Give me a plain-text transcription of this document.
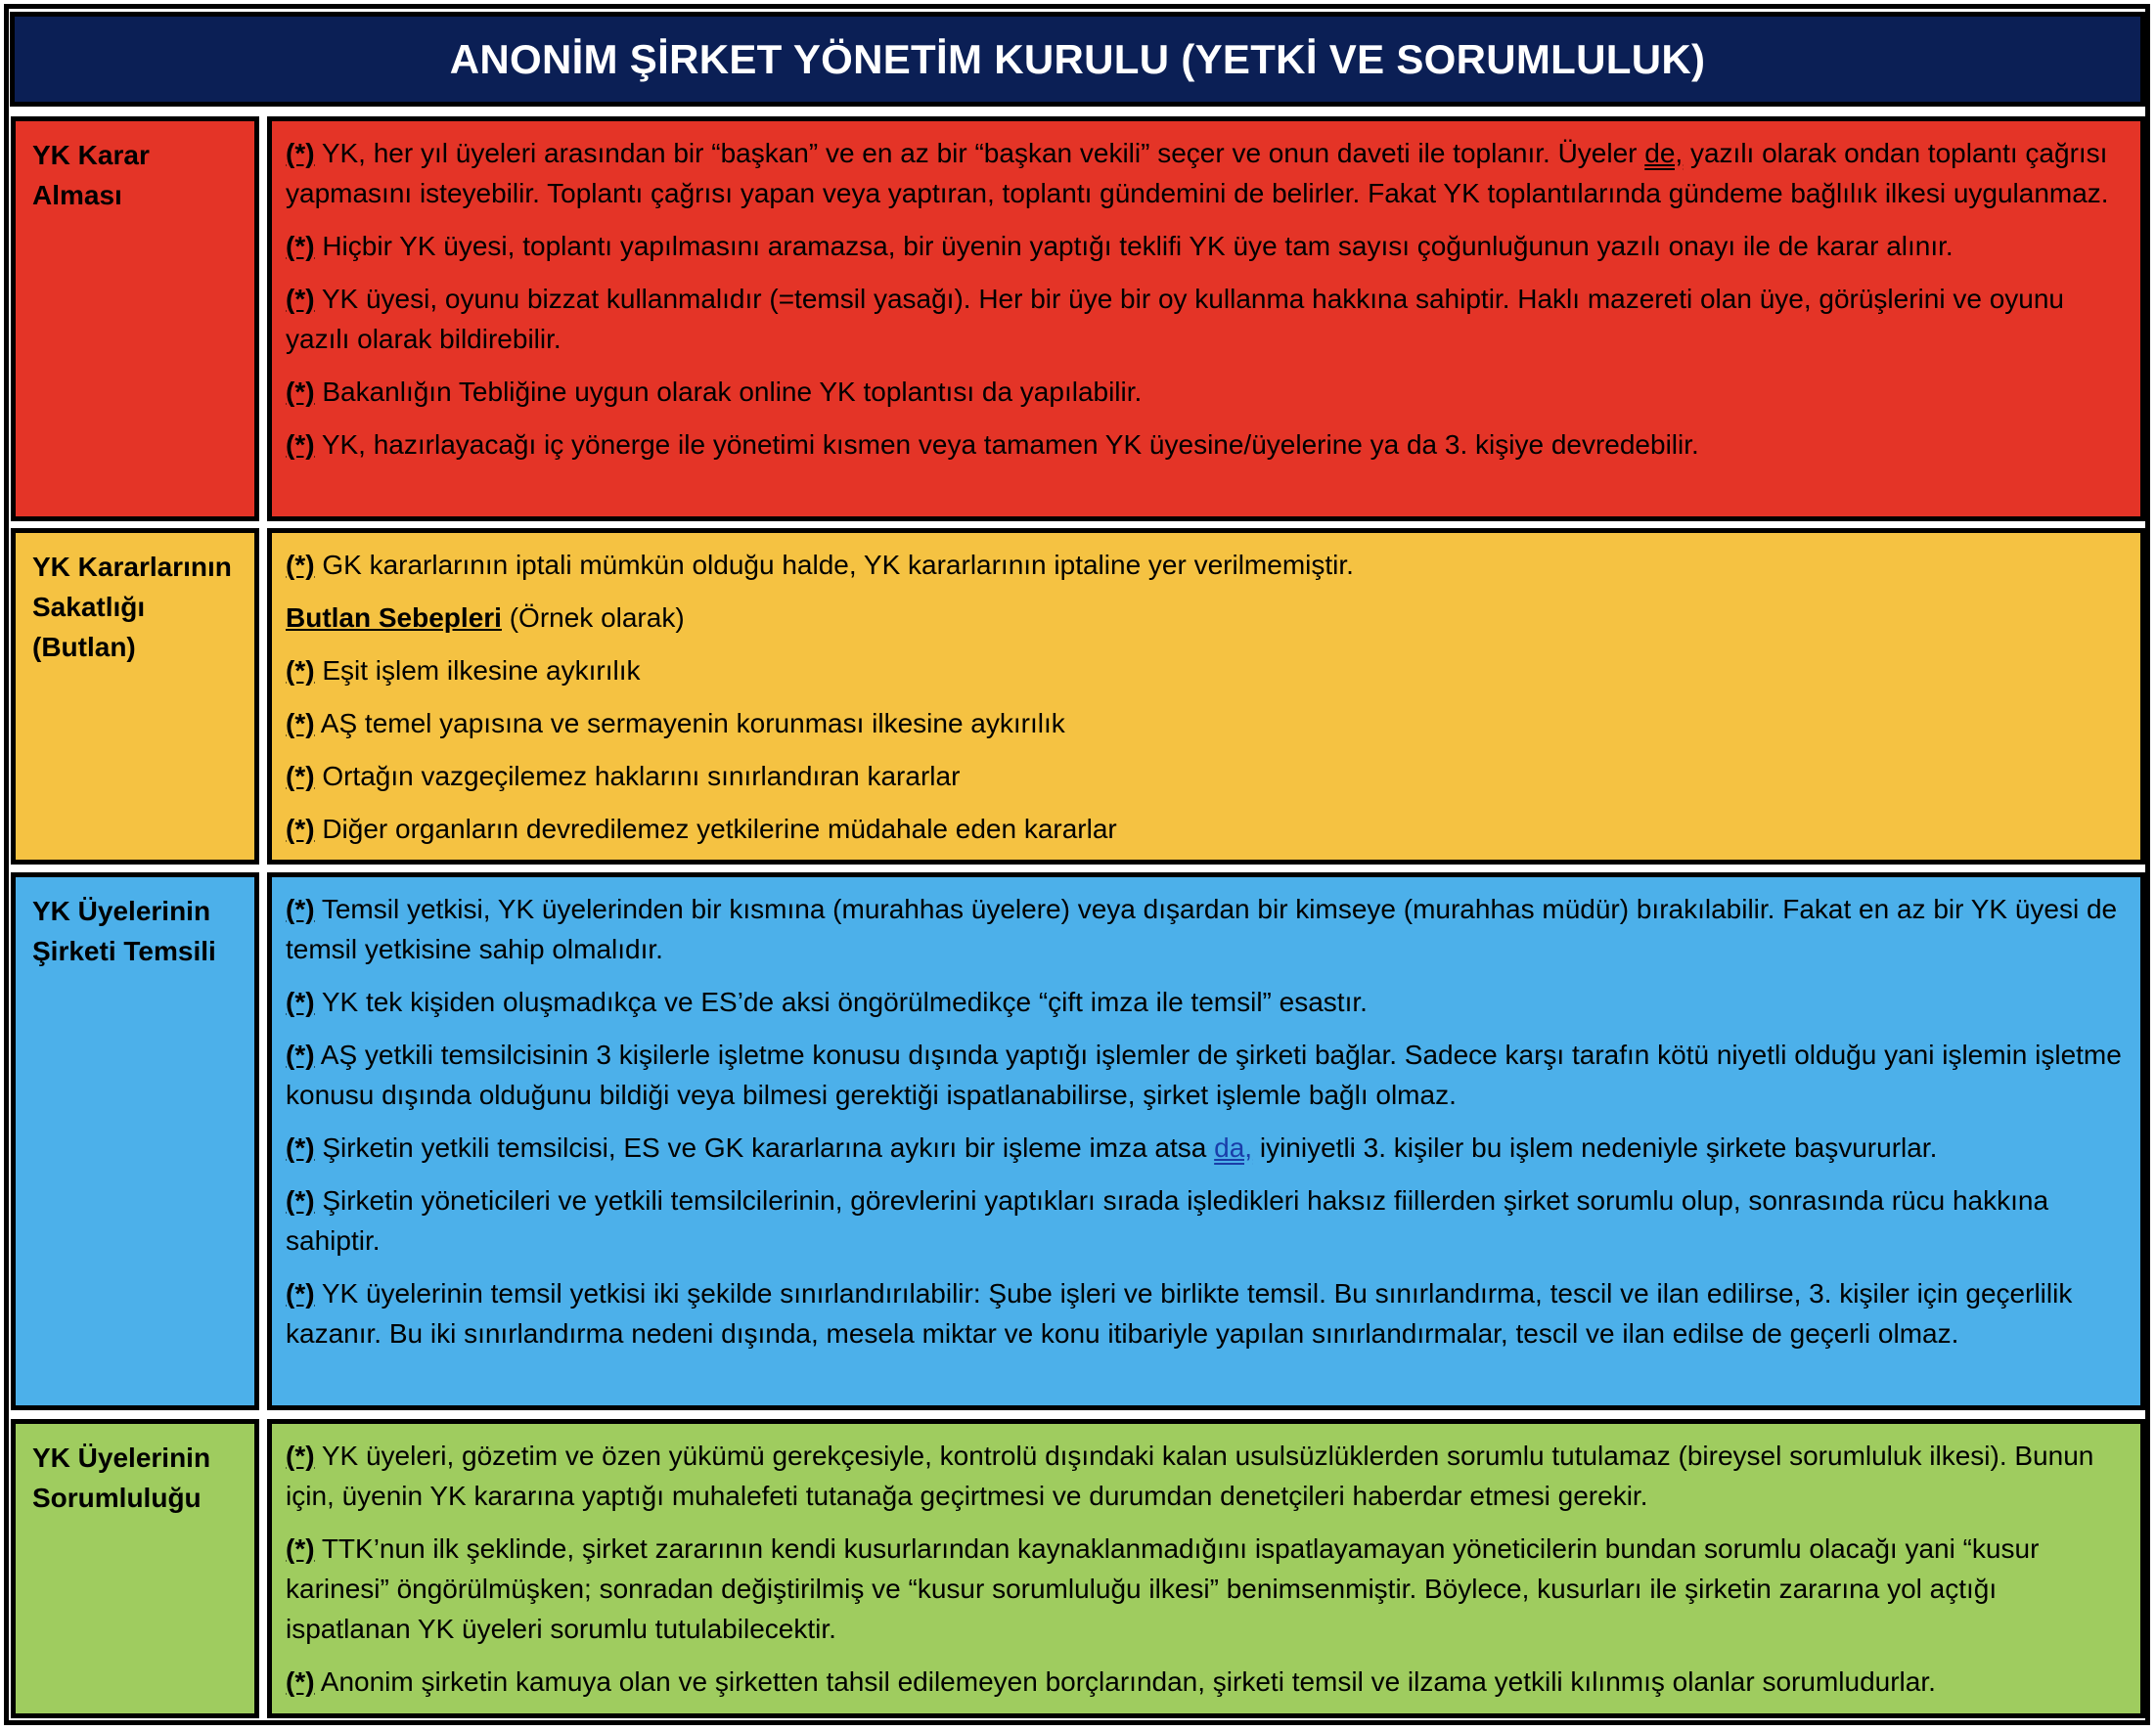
ANONİM ŞİRKET YÖNETİM KURULU (YETKİ VE SORUMLULUK)
YK Karar
Alması

(*) YK, her yıl üyeleri arasından bir “başkan” ve en az bir “başkan vekili” seçer ve onun daveti ile toplanır. Üyeler de, yazılı olarak ondan toplantı çağrısı yapmasını isteyebilir. Toplantı çağrısı yapan veya yaptıran, toplantı gündemini de belirler. Fakat YK toplantılarında gündeme bağlılık ilkesi uygulanmaz.

(*) Hiçbir YK üyesi, toplantı yapılmasını aramazsa, bir üyenin yaptığı teklifi YK üye tam sayısı çoğunluğunun yazılı onayı ile de karar alınır.

(*) YK üyesi, oyunu bizzat kullanmalıdır (=temsil yasağı). Her bir üye bir oy kullanma hakkına sahiptir. Haklı mazereti olan üye, görüşlerini ve oyunu yazılı olarak bildirebilir.

(*) Bakanlığın Tebliğine uygun olarak online YK toplantısı da yapılabilir.

(*) YK, hazırlayacağı iç yönerge ile yönetimi kısmen veya tamamen YK üyesine/üyelerine ya da 3. kişiye devredebilir.

YK Kararlarının
Sakatlığı
(Butlan)

(*) GK kararlarının iptali mümkün olduğu halde, YK kararlarının iptaline yer verilmemiştir.

Butlan Sebepleri (Örnek olarak)

(*) Eşit işlem ilkesine aykırılık

(*) AŞ temel yapısına ve sermayenin korunması ilkesine aykırılık

(*) Ortağın vazgeçilemez haklarını sınırlandıran kararlar

(*) Diğer organların devredilemez yetkilerine müdahale eden kararlar

YK Üyelerinin
Şirketi Temsili

(*) Temsil yetkisi, YK üyelerinden bir kısmına (murahhas üyelere) veya dışardan bir kimseye (murahhas müdür) bırakılabilir. Fakat en az bir YK üyesi de temsil yetkisine sahip olmalıdır.

(*) YK tek kişiden oluşmadıkça ve ES’de aksi öngörülmedikçe “çift imza ile temsil” esastır.

(*) AŞ yetkili temsilcisinin 3 kişilerle işletme konusu dışında yaptığı işlemler de şirketi bağlar. Sadece karşı tarafın kötü niyetli olduğu yani işlemin işletme konusu dışında olduğunu bildiği veya bilmesi gerektiği ispatlanabilirse, şirket işlemle bağlı olmaz.

(*) Şirketin yetkili temsilcisi, ES ve GK kararlarına aykırı bir işleme imza atsa da, iyiniyetli 3. kişiler bu işlem nedeniyle şirkete başvururlar.

(*) Şirketin yöneticileri ve yetkili temsilcilerinin, görevlerini yaptıkları sırada işledikleri haksız fiillerden şirket sorumlu olup, sonrasında rücu hakkına sahiptir.

(*) YK üyelerinin temsil yetkisi iki şekilde sınırlandırılabilir: Şube işleri ve birlikte temsil. Bu sınırlandırma, tescil ve ilan edilirse, 3. kişiler için geçerlilik kazanır. Bu iki sınırlandırma nedeni dışında, mesela miktar ve konu itibariyle yapılan sınırlandırmalar, tescil ve ilan edilse de geçerli olmaz.

YK Üyelerinin
Sorumluluğu

(*) YK üyeleri, gözetim ve özen yükümü gerekçesiyle, kontrolü dışındaki kalan usulsüzlüklerden sorumlu tutulamaz (bireysel sorumluluk ilkesi). Bunun için, üyenin YK kararına yaptığı muhalefeti tutanağa geçirtmesi ve durumdan denetçileri haberdar etmesi gerekir.

(*) TTK’nun ilk şeklinde, şirket zararının kendi kusurlarından kaynaklanmadığını ispatlayamayan yöneticilerin bundan sorumlu olacağı yani “kusur karinesi” öngörülmüşken; sonradan değiştirilmiş ve “kusur sorumluluğu ilkesi” benimsenmiştir. Böylece, kusurları ile şirketin zararına yol açtığı ispatlanan YK üyeleri sorumlu tutulabilecektir.

(*) Anonim şirketin kamuya olan ve şirketten tahsil edilemeyen borçlarından, şirketi temsil ve ilzama yetkili kılınmış olanlar sorumludurlar.
